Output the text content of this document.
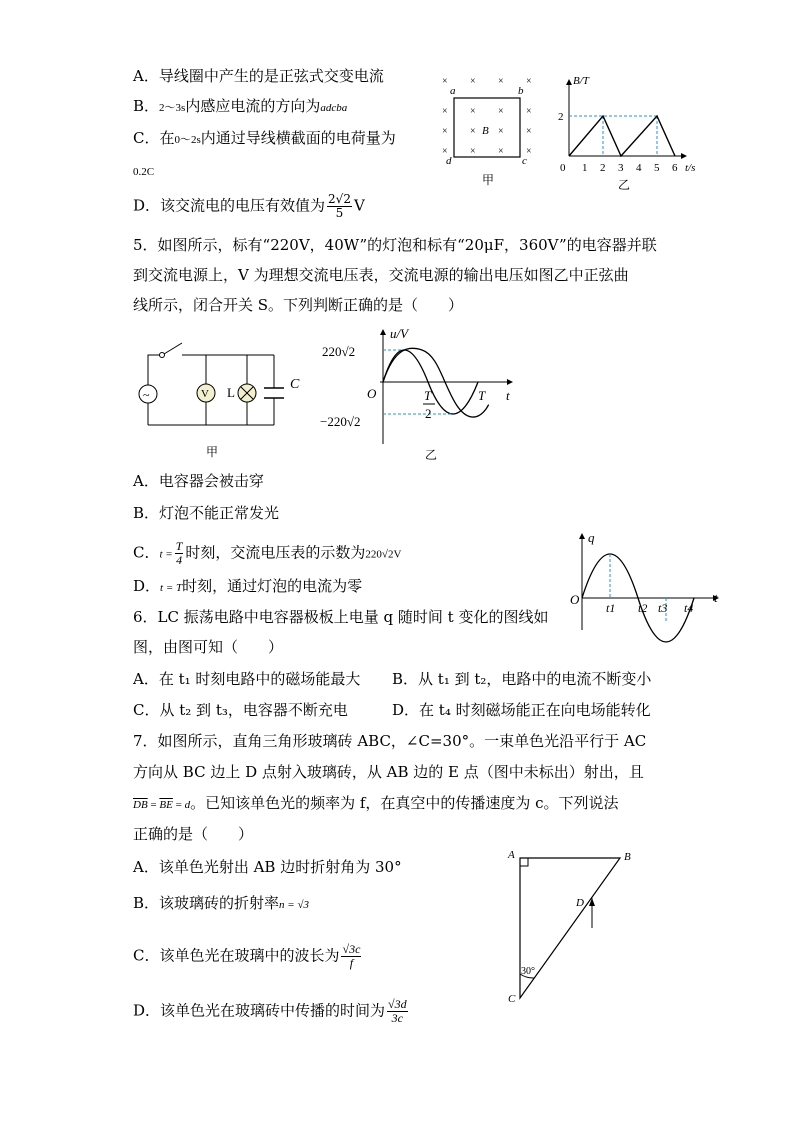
A．导线圈中产生的是正弦式交变电流
B．2～3s内感应电流的方向为adcba
C．在0～2s内通过导线横截面的电荷量为
0.2C
D．该交流电的电压有效值为 $\frac{2√2}{5}$ V
× × × ×
× × × ×
× × × ×
× × × ×
a	b
c
d
B
甲
B/T
2
0 1 2 3 4 5 6 t/s
乙
5．如图所示，标有“220V，40W”的灯泡和标有“20μF，360V”的电容器并联
到交流电源上，V 为理想交流电压表，交流电源的输出电压如图乙中正弦曲
线所示，闭合开关 S。下列判断正确的是（　　）
~	V L
C
甲
u/V
220√2
−220√2
O	T
2
T t
乙
A．电容器会被击穿
B．灯泡不能正常发光
C．$t = \frac{T}{4}$ 时刻，交流电压表的示数为220√2V
D．t = T时刻，通过灯泡的电流为零
q
O	t
t1 t2 t3 t4
6．LC 振荡电路中电容器极板上电量 q 随时间 t 变化的图线如
图，由图可知（　　）
A．在 t₁ 时刻电路中的磁场能最大 B．从 t₁ 到 t₂，电路中的电流不断变小
C．从 t₂ 到 t₃，电容器不断充电	D．在 t₄ 时刻磁场能正在向电场能转化
7．如图所示，直角三角形玻璃砖 ABC，∠C=30°。一束单色光沿平行于 AC
方向从 BC 边上 D 点射入玻璃砖，从 AB 边的 E 点（图中未标出）射出，且
$\overline{DB} = \overline{BE} = d$。已知该单色光的频率为 f，在真空中的传播速度为 c。下列说法
正确的是（　　）
A．该单色光射出 AB 边时折射角为 30°
B．该玻璃砖的折射率n = √3
C．该单色光在玻璃中的波长为 $\frac{√3c}{f}$
D．该单色光在玻璃砖中传播的时间为 $\frac{√3d}{3c}$
A	B
C
D
30°
